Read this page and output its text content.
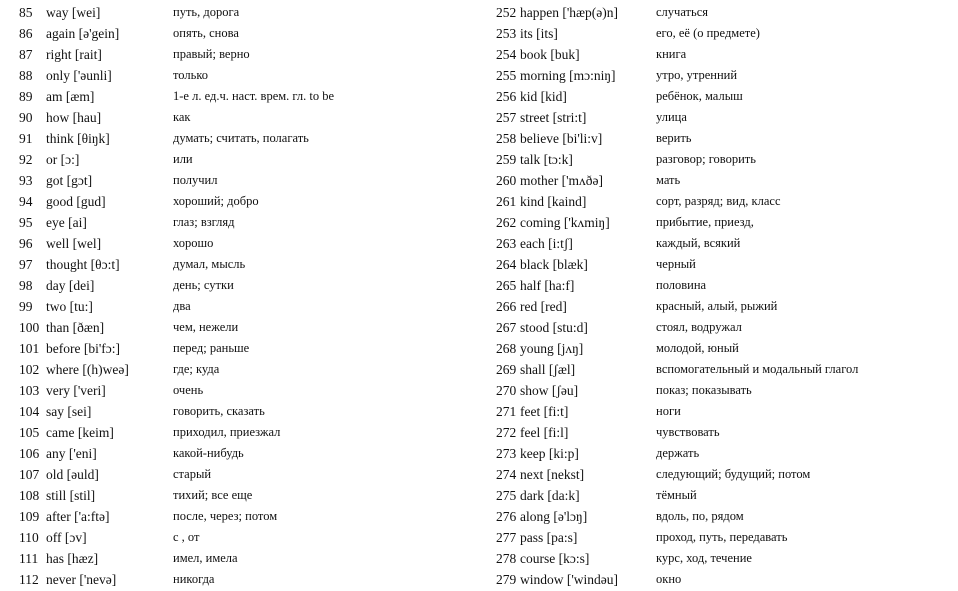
85 way [wei]	путь, дорога
86 again [ə'gein]	опять, снова
87 right [rait]	правый; верно
88 only ['əunli]	только
89 am [æm]	1-е л. ед.ч. наст. врем. гл. to be
90 how [hau]	как
91 think [θiŋk]	думать; считать, полагать
92 or [ɔ:]	или
93 got [gɔt]	получил
94 good [gud]	хороший; добро
95 eye [ai]	глаз; взгляд
96 well [wel]	хорошо
97 thought [θɔ:t]	думал, мысль
98 day [dei]	день; сутки
99 two [tu:]	два
100 than [ðæn]	чем, нежели
101 before [bi'fɔ:]	перед; раньше
102 where [(h)weə]	где; куда
103 very ['veri]	очень
104 say [sei]	говорить, сказать
105 came [keim]	приходил, приезжал
106 any ['eni]	какой-нибудь
107 old [əuld]	старый
108 still [stil]	тихий; все еще
109 after ['a:ftə]	после, через; потом
110 off [ɔv]	с , от
111 has [hæz]	имел, имела
112 never ['nevə]	никогда
252 happen ['hæp(ə)n]	случаться
253 its [its]	его, её (о предмете)
254 book [buk]	книга
255 morning [mɔ:niŋ]	утро, утренний
256 kid [kid]	ребёнок, малыш
257 street [stri:t]	улица
258 believe [bi'li:v]	верить
259 talk [tɔ:k]	разговор; говорить
260 mother ['mʌðə]	мать
261 kind [kaind]	сорт, разряд; вид, класс
262 coming ['kʌmiŋ]	прибытие, приезд,
263 each [i:tʃ]	каждый, всякий
264 black [blæk]	черный
265 half [ha:f]	половина
266 red [red]	красный, алый, рыжий
267 stood [stu:d]	стоял, водружал
268 young [jʌŋ]	молодой, юный
269 shall [ʃæl]	вспомогательный и модальный глагол
270 show [ʃəu]	показ; показывать
271 feet [fi:t]	ноги
272 feel [fi:l]	чувствовать
273 keep [ki:p]	держать
274 next [nekst]	следующий; будущий; потом
275 dark [da:k]	тёмный
276 along [ə'lɔŋ]	вдоль, по, рядом
277 pass [pa:s]	проход, путь, передавать
278 course [kɔ:s]	курс, ход, течение
279 window ['windəu]	окно
